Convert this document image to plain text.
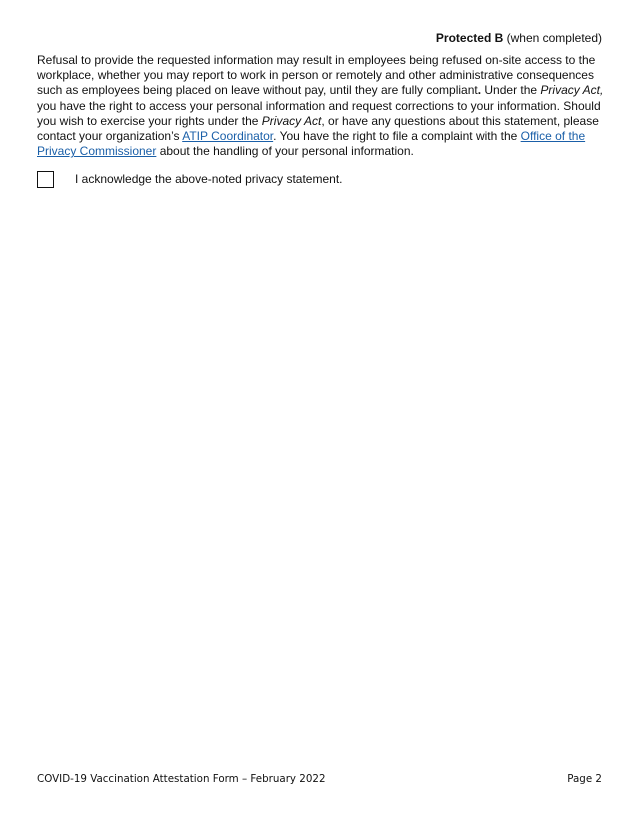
Protected B (when completed)

Refusal to provide the requested information may result in employees being refused on-site access to the workplace, whether you may report to work in person or remotely and other administrative consequences such as employees being placed on leave without pay, until they are fully compliant. Under the Privacy Act, you have the right to access your personal information and request corrections to your information. Should you wish to exercise your rights under the Privacy Act, or have any questions about this statement, please contact your organization’s ATIP Coordinator. You have the right to file a complaint with the Office of the Privacy Commissioner about the handling of your personal information.

I acknowledge the above-noted privacy statement.
COVID-19 Vaccination Attestation Form – February 2022	Page 2
